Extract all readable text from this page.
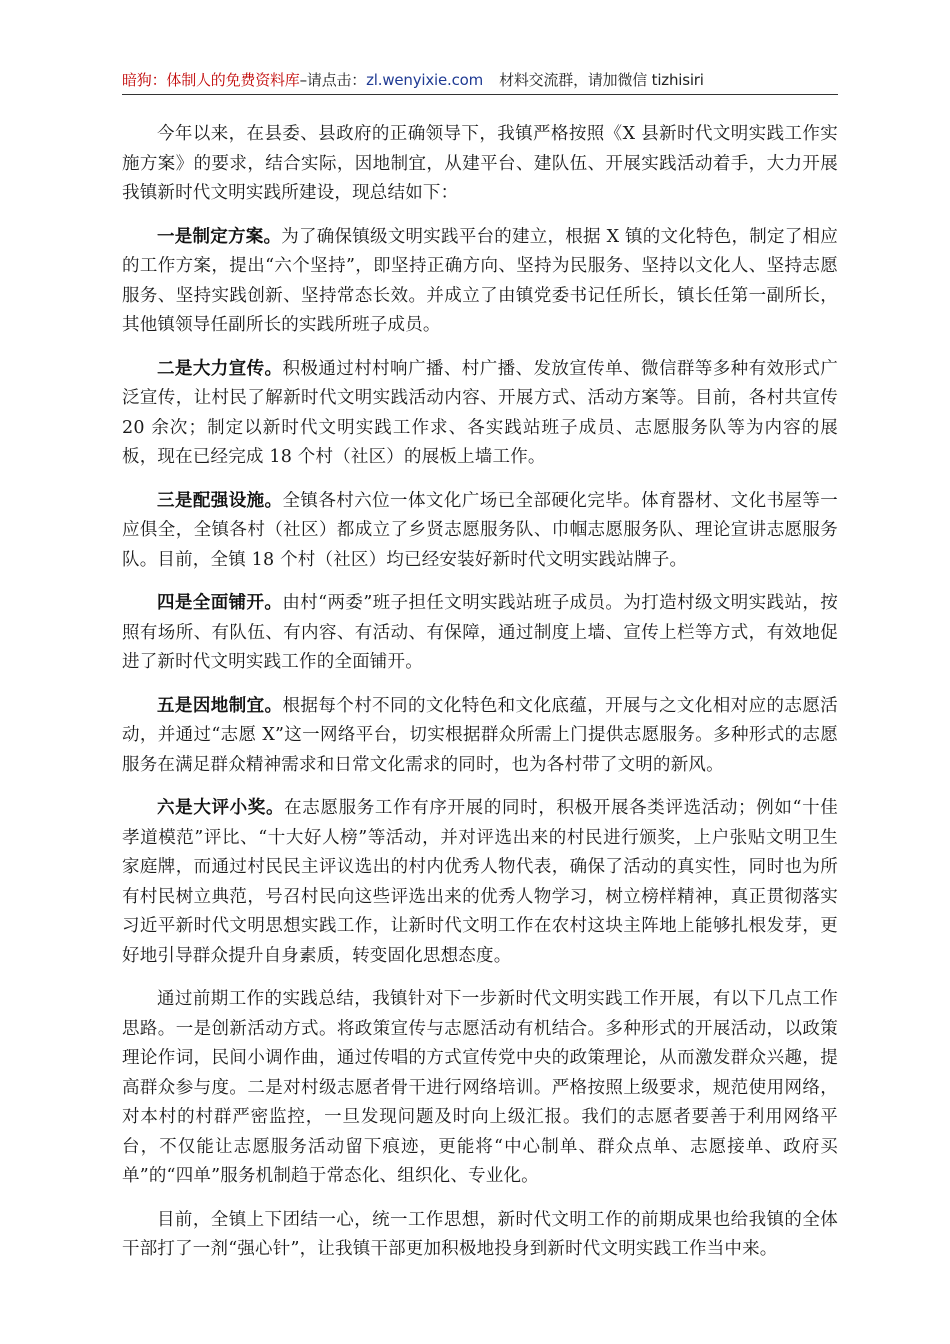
暗狗：体制人的免费资料库–请点击：zl.wenyixie.com 材料交流群，请加微信 tizhisiri

今年以来，在县委、县政府的正确领导下，我镇严格按照《X 县新时代文明实践工作实施方案》的要求，结合实际，因地制宜，从建平台、建队伍、开展实践活动着手，大力开展我镇新时代文明实践所建设，现总结如下：

一是制定方案。为了确保镇级文明实践平台的建立，根据 X 镇的文化特色，制定了相应的工作方案，提出“六个坚持”，即坚持正确方向、坚持为民服务、坚持以文化人、坚持志愿服务、坚持实践创新、坚持常态长效。并成立了由镇党委书记任所长，镇长任第一副所长，其他镇领导任副所长的实践所班子成员。

二是大力宣传。积极通过村村响广播、村广播、发放宣传单、微信群等多种有效形式广泛宣传，让村民了解新时代文明实践活动内容、开展方式、活动方案等。目前，各村共宣传 20 余次；制定以新时代文明实践工作求、各实践站班子成员、志愿服务队等为内容的展板，现在已经完成 18 个村（社区）的展板上墙工作。

三是配强设施。全镇各村六位一体文化广场已全部硬化完毕。体育器材、文化书屋等一应俱全，全镇各村（社区）都成立了乡贤志愿服务队、巾帼志愿服务队、理论宣讲志愿服务队。目前，全镇 18 个村（社区）均已经安装好新时代文明实践站牌子。

四是全面铺开。由村“两委”班子担任文明实践站班子成员。为打造村级文明实践站，按照有场所、有队伍、有内容、有活动、有保障，通过制度上墙、宣传上栏等方式，有效地促进了新时代文明实践工作的全面铺开。

五是因地制宜。根据每个村不同的文化特色和文化底蕴，开展与之文化相对应的志愿活动，并通过“志愿 X”这一网络平台，切实根据群众所需上门提供志愿服务。多种形式的志愿服务在满足群众精神需求和日常文化需求的同时，也为各村带了文明的新风。

六是大评小奖。在志愿服务工作有序开展的同时，积极开展各类评选活动；例如“十佳孝道模范”评比、“十大好人榜”等活动，并对评选出来的村民进行颁奖，上户张贴文明卫生家庭牌，而通过村民民主评议选出的村内优秀人物代表，确保了活动的真实性，同时也为所有村民树立典范，号召村民向这些评选出来的优秀人物学习，树立榜样精神，真正贯彻落实习近平新时代文明思想实践工作，让新时代文明工作在农村这块主阵地上能够扎根发芽，更好地引导群众提升自身素质，转变固化思想态度。

通过前期工作的实践总结，我镇针对下一步新时代文明实践工作开展，有以下几点工作思路。一是创新活动方式。将政策宣传与志愿活动有机结合。多种形式的开展活动，以政策理论作词，民间小调作曲，通过传唱的方式宣传党中央的政策理论，从而激发群众兴趣，提高群众参与度。二是对村级志愿者骨干进行网络培训。严格按照上级要求，规范使用网络，对本村的村群严密监控，一旦发现问题及时向上级汇报。我们的志愿者要善于利用网络平台，不仅能让志愿服务活动留下痕迹，更能将“中心制单、群众点单、志愿接单、政府买单”的“四单”服务机制趋于常态化、组织化、专业化。

目前，全镇上下团结一心，统一工作思想，新时代文明工作的前期成果也给我镇的全体干部打了一剂“强心针”，让我镇干部更加积极地投身到新时代文明实践工作当中来。
